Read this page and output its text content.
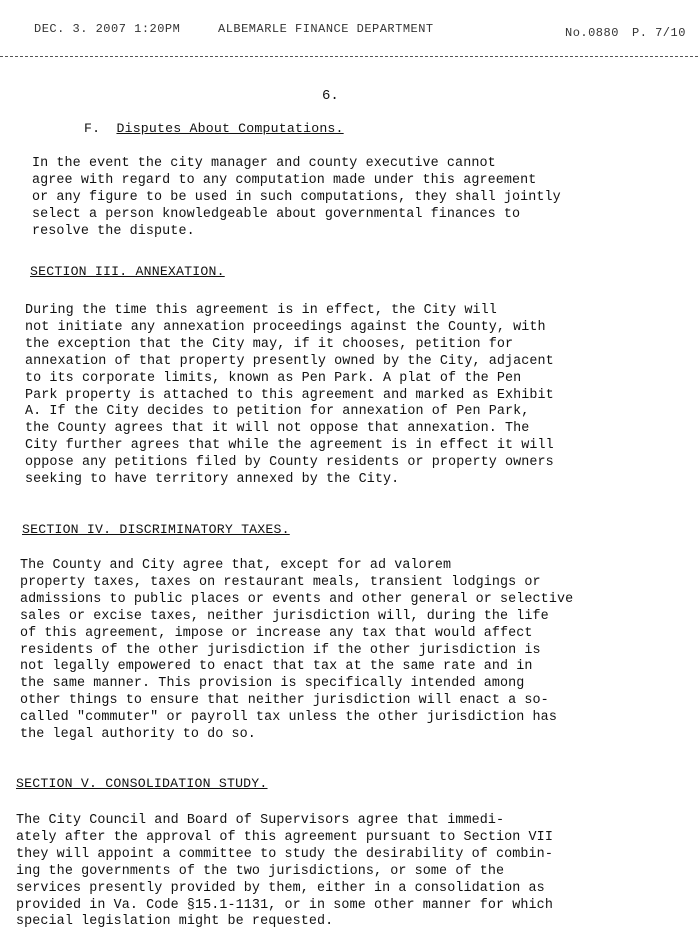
DEC. 3. 2007 1:20PM	ALBEMARLE FINANCE DEPARTMENT	No.0880 P. 7/10
6.
F. Disputes About Computations.
In the event the city manager and county executive cannot
agree with regard to any computation made under this agreement
or any figure to be used in such computations, they shall jointly
select a person knowledgeable about governmental finances to
resolve the dispute.
SECTION III. ANNEXATION.
During the time this agreement is in effect, the City will
not initiate any annexation proceedings against the County, with
the exception that the City may, if it chooses, petition for
annexation of that property presently owned by the City, adjacent
to its corporate limits, known as Pen Park. A plat of the Pen
Park property is attached to this agreement and marked as Exhibit
A. If the City decides to petition for annexation of Pen Park,
the County agrees that it will not oppose that annexation. The
City further agrees that while the agreement is in effect it will
oppose any petitions filed by County residents or property owners
seeking to have territory annexed by the City.
SECTION IV. DISCRIMINATORY TAXES.
The County and City agree that, except for ad valorem
property taxes, taxes on restaurant meals, transient lodgings or
admissions to public places or events and other general or selective
sales or excise taxes, neither jurisdiction will, during the life
of this agreement, impose or increase any tax that would affect
residents of the other jurisdiction if the other jurisdiction is
not legally empowered to enact that tax at the same rate and in
the same manner. This provision is specifically intended among
other things to ensure that neither jurisdiction will enact a so-
called "commuter" or payroll tax unless the other jurisdiction has
the legal authority to do so.
SECTION V. CONSOLIDATION STUDY.
The City Council and Board of Supervisors agree that immedi-
ately after the approval of this agreement pursuant to Section VII
they will appoint a committee to study the desirability of combin-
ing the governments of the two jurisdictions, or some of the
services presently provided by them, either in a consolidation as
provided in Va. Code §15.1-1131, or in some other manner for which
special legislation might be requested.
